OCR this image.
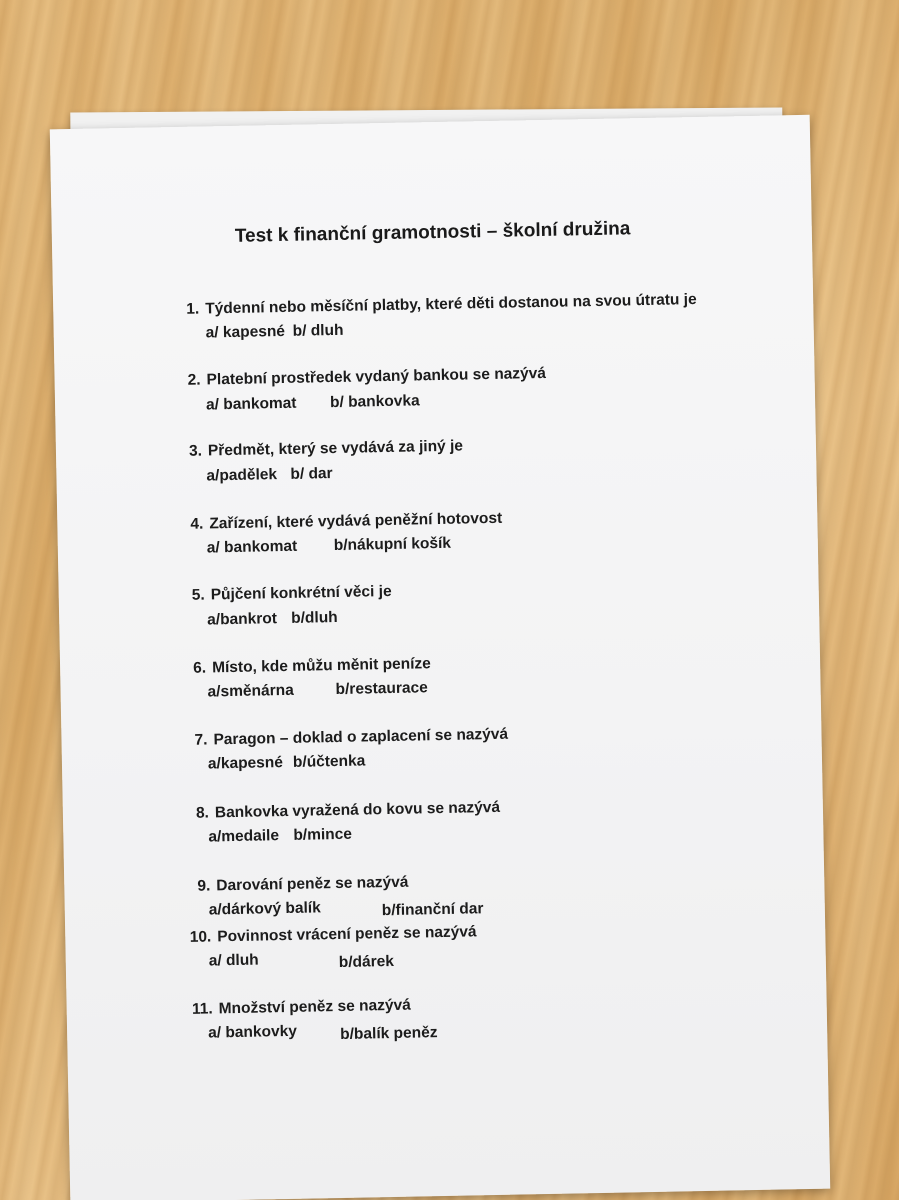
Test k finanční gramotnosti – školní družina
1. Týdenní nebo měsíční platby, které děti dostanou na svou útratu je
a/ kapesné b/ dluh
2. Platební prostředek vydaný bankou se nazývá
a/ bankomat b/ bankovka
3. Předmět, který se vydává za jiný je
a/padělek b/ dar
4. Zařízení, které vydává peněžní hotovost
a/ bankomat b/nákupní košík
5. Půjčení konkrétní věci je
a/bankrot b/dluh
6. Místo, kde můžu měnit peníze
a/směnárna	b/restaurace
7. Paragon – doklad o zaplacení se nazývá
a/kapesné b/účtenka
8. Bankovka vyražená do kovu se nazývá
a/medaile b/mince
9. Darování peněz se nazývá
a/dárkový balík	b/finanční dar
10. Povinnost vrácení peněz se nazývá
a/ dluh	b/dárek
11. Množství peněz se nazývá
a/ bankovky	b/balík peněz
